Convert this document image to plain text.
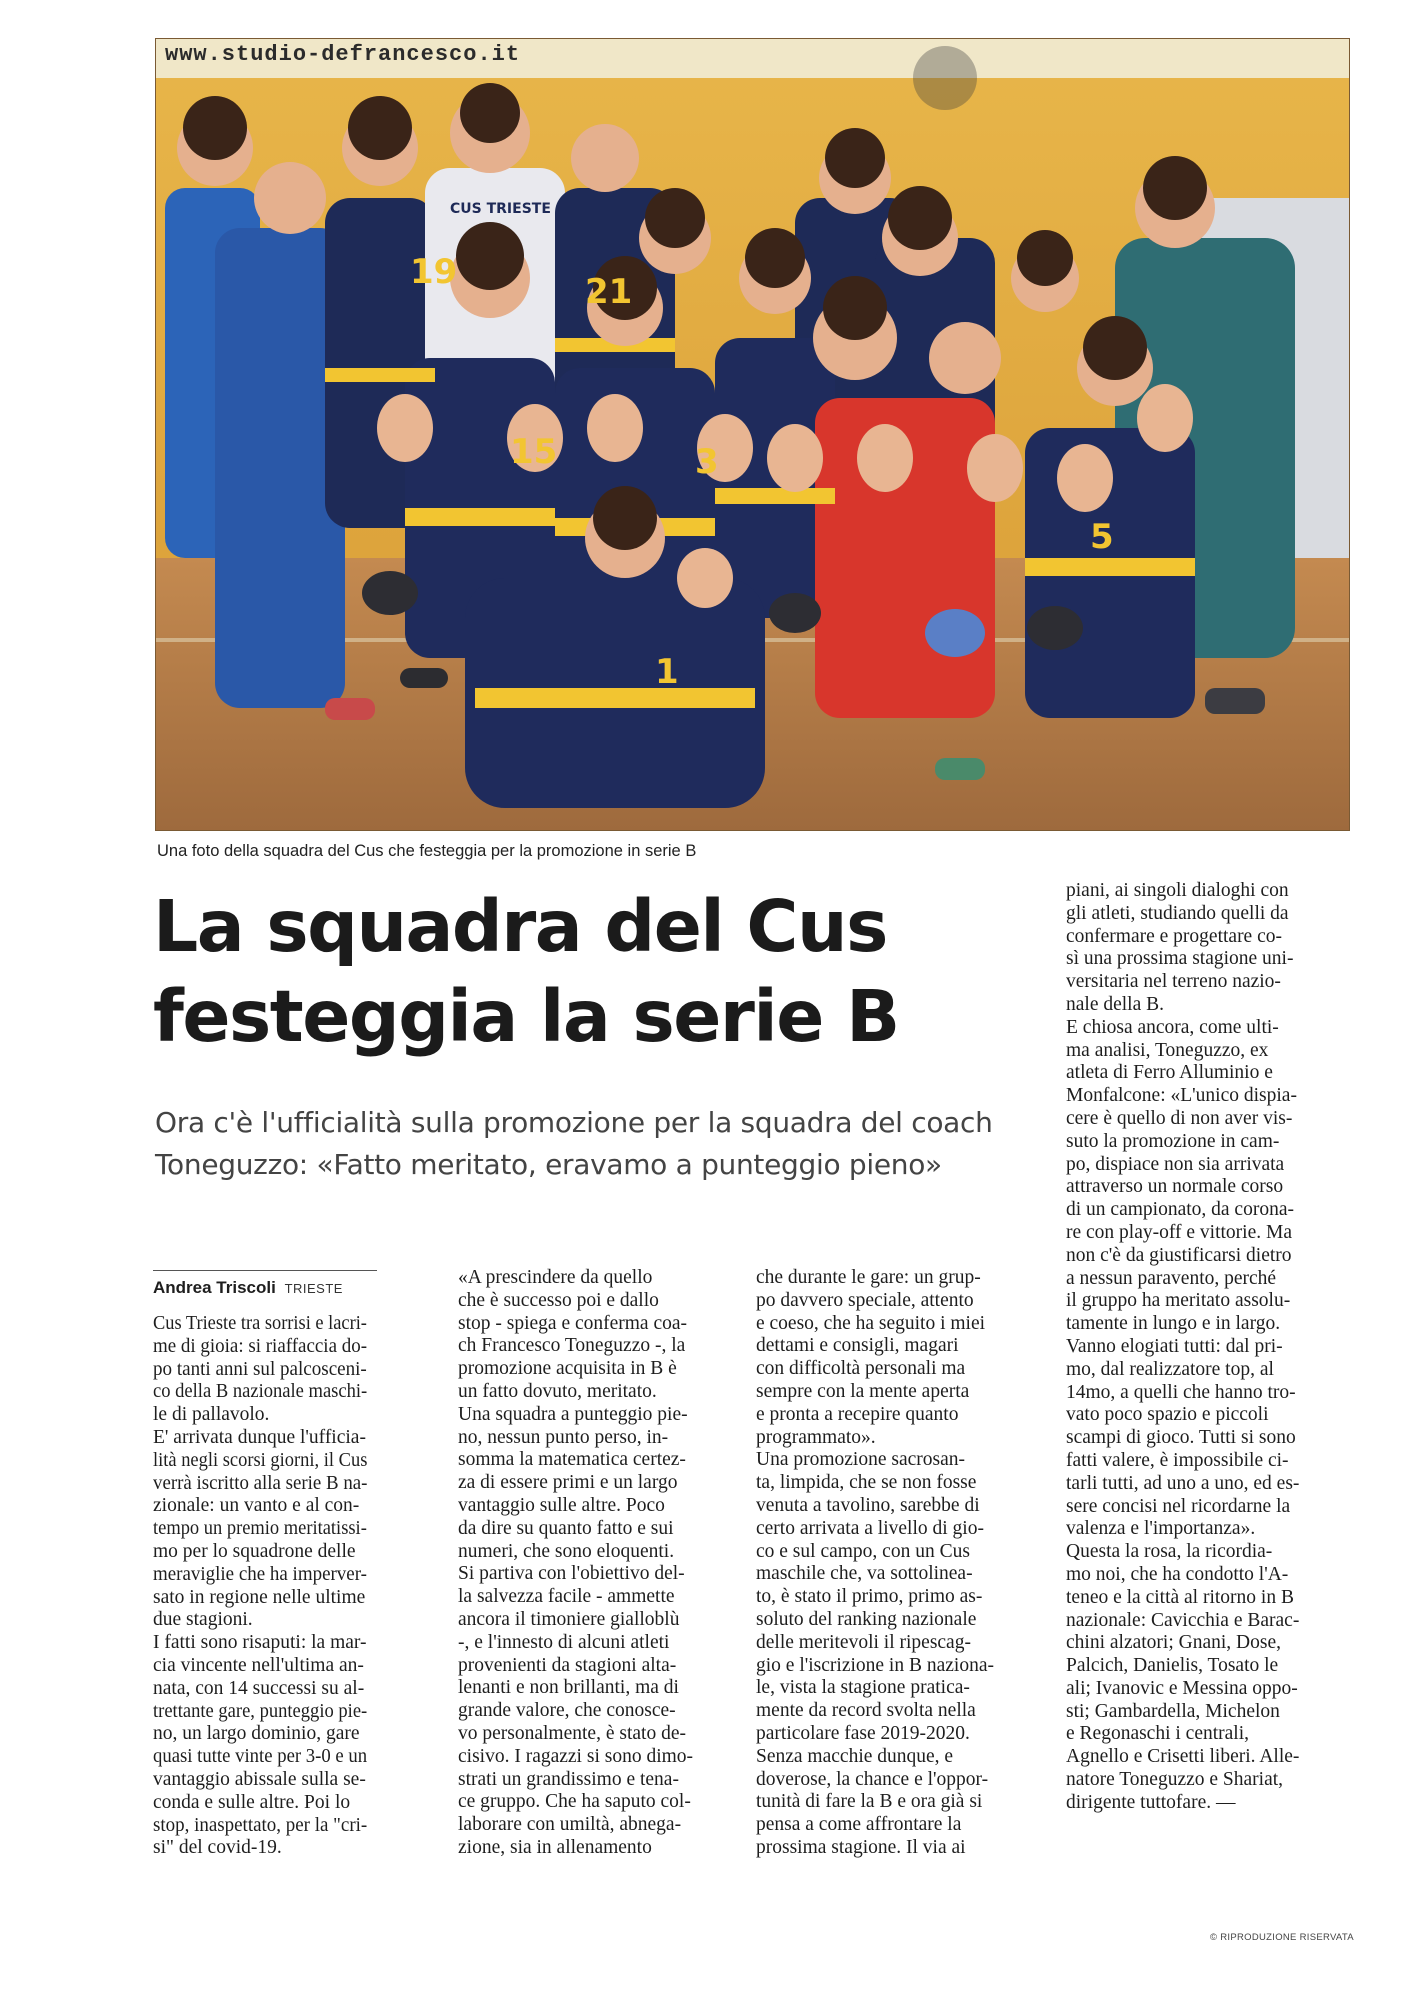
19	21
15	3
5
1
CUS TRIESTE
www.studio-defrancesco.it
Una foto della squadra del Cus che festeggia per la promozione in serie B
La squadra del Cus
festeggia la serie B
Ora c'è l'ufficialità sulla promozione per la squadra del coach
Toneguzzo: «Fatto meritato, eravamo a punteggio pieno»
Andrea Triscoli TRIESTE
Cus Trieste tra sorrisi e lacri-
me di gioia: si riaffaccia do-
po tanti anni sul palcosceni-
co della B nazionale maschi-
le di pallavolo.
E' arrivata dunque l'ufficia-
lità negli scorsi giorni, il Cus
verrà iscritto alla serie B na-
zionale: un vanto e al con-
tempo un premio meritatissi-
mo per lo squadrone delle
meraviglie che ha imperver-
sato in regione nelle ultime
due stagioni.
I fatti sono risaputi: la mar-
cia vincente nell'ultima an-
nata, con 14 successi su al-
trettante gare, punteggio pie-
no, un largo dominio, gare
quasi tutte vinte per 3-0 e un
vantaggio abissale sulla se-
conda e sulle altre. Poi lo
stop, inaspettato, per la "cri-
si" del covid-19.
«A prescindere da quello
che è successo poi e dallo
stop - spiega e conferma coa-
ch Francesco Toneguzzo -, la
promozione acquisita in B è
un fatto dovuto, meritato.
Una squadra a punteggio pie-
no, nessun punto perso, in-
somma la matematica certez-
za di essere primi e un largo
vantaggio sulle altre. Poco
da dire su quanto fatto e sui
numeri, che sono eloquenti.
Si partiva con l'obiettivo del-
la salvezza facile - ammette
ancora il timoniere gialloblù
-, e l'innesto di alcuni atleti
provenienti da stagioni alta-
lenanti e non brillanti, ma di
grande valore, che conosce-
vo personalmente, è stato de-
cisivo. I ragazzi si sono dimo-
strati un grandissimo e tena-
ce gruppo. Che ha saputo col-
laborare con umiltà, abnega-
zione, sia in allenamento
che durante le gare: un grup-
po davvero speciale, attento
e coeso, che ha seguito i miei
dettami e consigli, magari
con difficoltà personali ma
sempre con la mente aperta
e pronta a recepire quanto
programmato».
Una promozione sacrosan-
ta, limpida, che se non fosse
venuta a tavolino, sarebbe di
certo arrivata a livello di gio-
co e sul campo, con un Cus
maschile che, va sottolinea-
to, è stato il primo, primo as-
soluto del ranking nazionale
delle meritevoli il ripescag-
gio e l'iscrizione in B naziona-
le, vista la stagione pratica-
mente da record svolta nella
particolare fase 2019-2020.
Senza macchie dunque, e
doverose, la chance e l'oppor-
tunità di fare la B e ora già si
pensa a come affrontare la
prossima stagione. Il via ai
piani, ai singoli dialoghi con
gli atleti, studiando quelli da
confermare e progettare co-
sì una prossima stagione uni-
versitaria nel terreno nazio-
nale della B.
E chiosa ancora, come ulti-
ma analisi, Toneguzzo, ex
atleta di Ferro Alluminio e
Monfalcone: «L'unico dispia-
cere è quello di non aver vis-
suto la promozione in cam-
po, dispiace non sia arrivata
attraverso un normale corso
di un campionato, da corona-
re con play-off e vittorie. Ma
non c'è da giustificarsi dietro
a nessun paravento, perché
il gruppo ha meritato assolu-
tamente in lungo e in largo.
Vanno elogiati tutti: dal pri-
mo, dal realizzatore top, al
14mo, a quelli che hanno tro-
vato poco spazio e piccoli
scampi di gioco. Tutti si sono
fatti valere, è impossibile ci-
tarli tutti, ad uno a uno, ed es-
sere concisi nel ricordarne la
valenza e l'importanza».
Questa la rosa, la ricordia-
mo noi, che ha condotto l'A-
teneo e la città al ritorno in B
nazionale: Cavicchia e Barac-
chini alzatori; Gnani, Dose,
Palcich, Danielis, Tosato le
ali; Ivanovic e Messina oppo-
sti; Gambardella, Michelon
e Regonaschi i centrali,
Agnello e Crisetti liberi. Alle-
natore Toneguzzo e Shariat,
dirigente tuttofare. —
© RIPRODUZIONE RISERVATA
